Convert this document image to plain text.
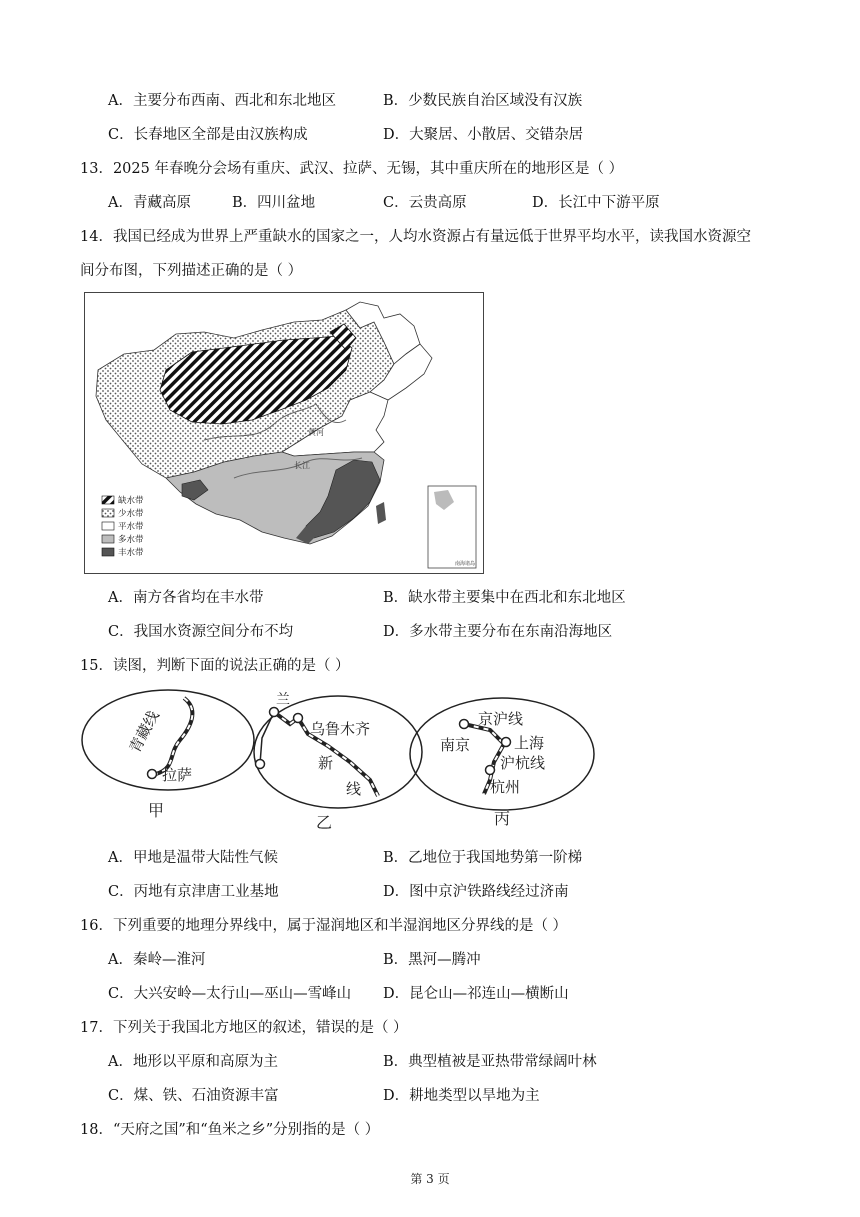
A．主要分布西南、西北和东北地区	B．少数民族自治区域没有汉族
C．长春地区全部是由汉族构成	D．大聚居、小散居、交错杂居
13．2025 年春晚分会场有重庆、武汉、拉萨、无锡，其中重庆所在的地形区是（ ）
A．青藏高原	B．四川盆地	C．云贵高原	D．长江中下游平原
14．我国已经成为世界上严重缺水的国家之一，人均水资源占有量远低于世界平均水平，读我国水资源空
间分布图，下列描述正确的是（ ）
黄河
长江
南海诸岛
缺水带
少水带
平水带
多水带
丰水带
A．南方各省均在丰水带	B．缺水带主要集中在西北和东北地区
C．我国水资源空间分布不均	D．多水带主要分布在东南沿海地区
15．读图，判断下面的说法正确的是（ ）
拉萨
青藏线
甲
兰
乌鲁木齐
新
线
乙
京沪线
南京	上海
沪杭线
杭州
丙
A．甲地是温带大陆性气候	B．乙地位于我国地势第一阶梯
C．丙地有京津唐工业基地	D．图中京沪铁路线经过济南
16．下列重要的地理分界线中，属于湿润地区和半湿润地区分界线的是（ ）
A．秦岭—淮河	B．黑河—腾冲
C．大兴安岭—太行山—巫山—雪峰山 D．昆仑山—祁连山—横断山
17．下列关于我国北方地区的叙述，错误的是（ ）
A．地形以平原和高原为主	B．典型植被是亚热带常绿阔叶林
C．煤、铁、石油资源丰富	D．耕地类型以旱地为主
18．“天府之国”和“鱼米之乡”分别指的是（ ）
第 3 页
